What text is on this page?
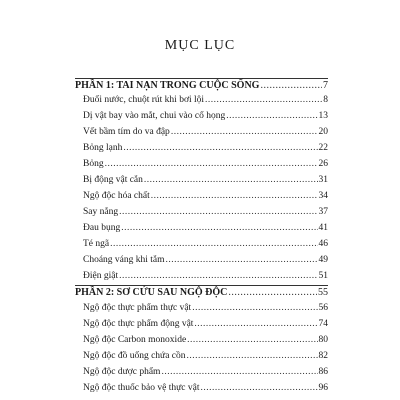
MỤC LỤC
PHẦN 1: TAI NẠN TRONG CUỘC SỐNG .....	7
Đuối nước, chuột rút khi bơi lội .....	8
Dị vật bay vào mắt, chui vào cổ họng .....	13
Vết bầm tím do va đập .....	20
Bỏng lạnh .....	22
Bỏng .....	26
Bị động vật cắn .....	31
Ngộ độc hóa chất .....	34
Say nắng .....	37
Đau bụng .....	41
Té ngã .....	46
Choáng váng khi tắm .....	49
Điện giật .....	51
PHẦN 2: SƠ CỨU SAU NGỘ ĐỘC .....	55
Ngộ độc thực phẩm thực vật .....	56
Ngộ độc thực phẩm động vật .....	74
Ngộ độc Carbon monoxide .....	80
Ngộ độc đồ uống chứa cồn .....	82
Ngộ độc dược phẩm .....	86
Ngộ độc thuốc bảo vệ thực vật .....	96
